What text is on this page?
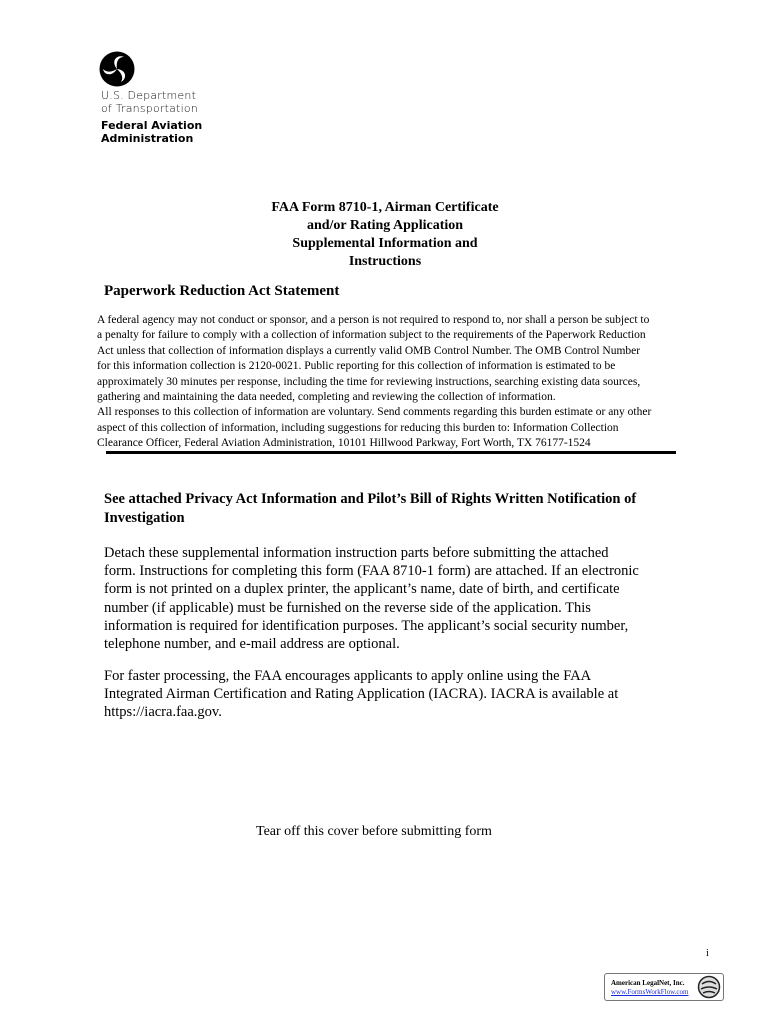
U.S. Department
of Transportation
Federal Aviation
Administration
FAA Form 8710-1, Airman Certificate
and/or Rating Application
Supplemental Information and
Instructions
Paperwork Reduction Act Statement
A federal agency may not conduct or sponsor, and a person is not required to respond to, nor shall a person be subject to
a penalty for failure to comply with a collection of information subject to the requirements of the Paperwork Reduction
Act unless that collection of information displays a currently valid OMB Control Number. The OMB Control Number
for this information collection is 2120-0021. Public reporting for this collection of information is estimated to be
approximately 30 minutes per response, including the time for reviewing instructions, searching existing data sources,
gathering and maintaining the data needed, completing and reviewing the collection of information.
All responses to this collection of information are voluntary. Send comments regarding this burden estimate or any other
aspect of this collection of information, including suggestions for reducing this burden to: Information Collection
Clearance Officer, Federal Aviation Administration, 10101 Hillwood Parkway, Fort Worth, TX 76177-1524
See attached Privacy Act Information and Pilot’s Bill of Rights Written Notification of
Investigation
Detach these supplemental information instruction parts before submitting the attached
form. Instructions for completing this form (FAA 8710-1 form) are attached. If an electronic
form is not printed on a duplex printer, the applicant’s name, date of birth, and certificate
number (if applicable) must be furnished on the reverse side of the application. This
information is required for identification purposes. The applicant’s social security number,
telephone number, and e-mail address are optional.
For faster processing, the FAA encourages applicants to apply online using the FAA
Integrated Airman Certification and Rating Application (IACRA). IACRA is available at
https://iacra.faa.gov.
Tear off this cover before submitting form
i
American LegalNet, Inc.
www.FormsWorkFlow.com
